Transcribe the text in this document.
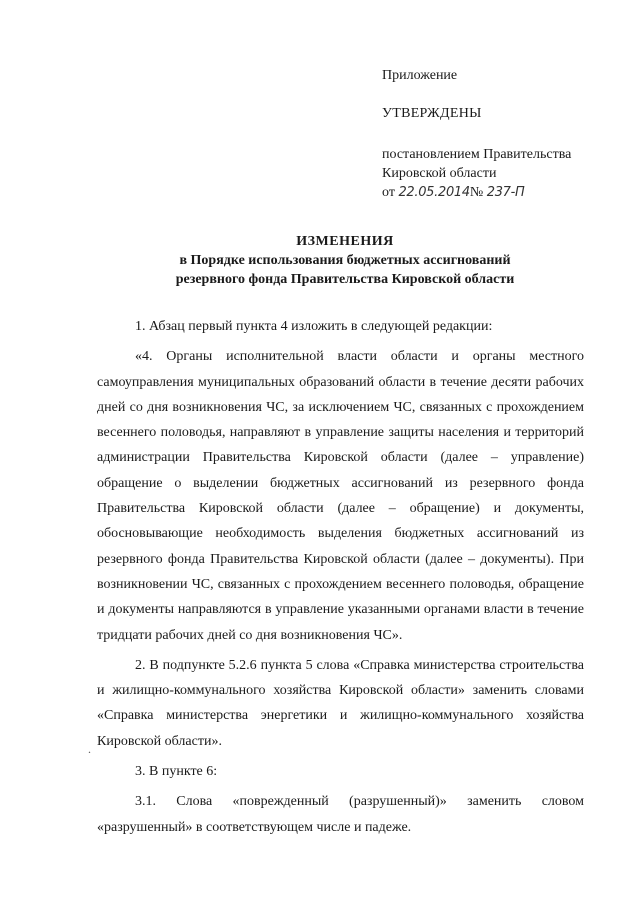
Приложение
УТВЕРЖДЕНЫ
постановлением Правительства
Кировской области
от 22.05.2014№ 237-П
ИЗМЕНЕНИЯ
в Порядке использования бюджетных ассигнований
резервного фонда Правительства Кировской области

1. Абзац первый пункта 4 изложить в следующей редакции:

«4. Органы исполнительной власти области и органы местного самоуправления муниципальных образований области в течение десяти рабочих дней со дня возникновения ЧС, за исключением ЧС, связанных с прохождением весеннего половодья, направляют в управление защиты населения и территорий администрации Правительства Кировской области (далее – управление) обращение о выделении бюджетных ассигнований из резервного фонда Правительства Кировской области (далее – обращение) и документы, обосновывающие необходимость выделения бюджетных ассигнований из резервного фонда Правительства Кировской области (далее – документы). При возникновении ЧС, связанных с прохождением весеннего половодья, обращение и документы направляются в управление указанными органами власти в течение тридцати рабочих дней со дня возникновения ЧС».

2. В подпункте 5.2.6 пункта 5 слова «Справка министерства строительства и жилищно-коммунального хозяйства Кировской области» заменить словами «Справка министерства энергетики и жилищно-коммунального хозяйства Кировской области».

3. В пункте 6:

3.1. Слова «поврежденный (разрушенный)» заменить словом «разрушенный» в соответствующем числе и падеже.

.
